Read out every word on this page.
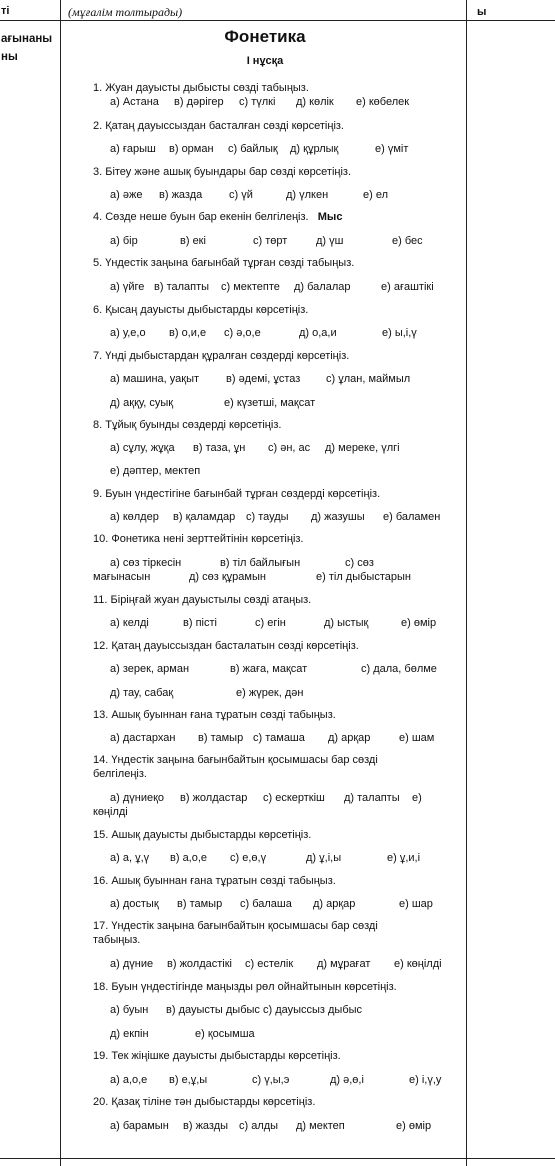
ті	(мұғалім толтырады)	ы
ағынаны
ны
Фонетика
І нұсқа
1. Жуан дауысты дыбысты сөзді табыңыз.
а) Астана в) дәрігер с) түлкі д) көлік е) көбелек
2. Қатаң дауыссыздан басталған сөзді көрсетіңіз.
а) ғарыш в) орман с) байлық д) құрлық	е) үміт
3. Бітеу және ашық буындары бар сөзді көрсетіңіз.
а) әже в) жазда с) үй	д) үлкен	е) ел
4. Сөзде неше буын бар екенін белгілеңіз. Мыс
а) бір	в) екі	с) төрт	д) үш	е) бес
5. Үндестік заңына бағынбай тұрған сөзді табыңыз.
а) үйге в) талапты с) мектепте д) балалар	е) ағаштікі
6. Қысаң дауысты дыбыстарды көрсетіңіз.
а) у,е,о в) о,и,е с) ә,о,е	д) о,а,и	е) ы,і,ү
7. Үнді дыбыстардан құралған сөздерді көрсетіңіз.
а) машина, уақыт в) әдемі, ұстаз с) ұлан, маймыл
д) аққу, суық	е) күзетші, мақсат
8. Тұйық буынды сөздерді көрсетіңіз.
а) сұлу, жұқа в) таза, ұн с) ән, ас д) мереке, үлгі
е) дәптер, мектеп
9. Буын үндестігіне бағынбай тұрған сөздерді көрсетіңіз.
а) көлдер в) қаламдар с) тауды д) жазушы е) баламен
10. Фонетика нені зерттейтінін көрсетіңіз.
а) сөз тіркесін	в) тіл байлығын	с) сөз
мағынасын	д) сөз құрамын	е) тіл дыбыстарын
11. Біріңғай жуан дауыстылы сөзді атаңыз.
а) келді	в) пісті	с) егін	д) ыстық	е) өмір
12. Қатаң дауыссыздан басталатын сөзді көрсетіңіз.
а) зерек, арман	в) жаға, мақсат	с) дала, бөлме
д) тау, сабақ	е) жүрек, дән
13. Ашық буыннан ғана тұратын сөзді табыңыз.
а) дастархан в) тамыр с) тамаша д) арқар	е) шам
14. Үндестік заңына бағынбайтын қосымшасы бар сөзді
белгілеңіз.
а) дүниеқо в) жолдастар с) ескерткіш д) талапты е)
көңілді
15. Ашық дауысты дыбыстарды көрсетіңіз.
а) а, ұ,ү в) а,о,е с) е,ө,ү	д) ұ,і,ы	е) ұ,и,і
16. Ашық буыннан ғана тұратын сөзді табыңыз.
а) достық в) тамыр с) балаша д) арқар	е) шар
17. Үндестік заңына бағынбайтын қосымшасы бар сөзді
табыңыз.
а) дүние в) жолдастікі с) естелік д) мұрағат е) көңілді
18. Буын үндестігінде маңызды рөл ойнайтынын көрсетіңіз.
а) буын в) дауысты дыбыс с) дауыссыз дыбыс
д) екпін	е) қосымша
19. Тек жіңішке дауысты дыбыстарды көрсетіңіз.
а) а,о,е в) е,ұ,ы	с) ү,ы,э	д) ә,ө,і	е) і,ү,у
20. Қазақ тіліне тән дыбыстарды көрсетіңіз.
а) барамын в) жазды с) алды д) мектеп	е) өмір
